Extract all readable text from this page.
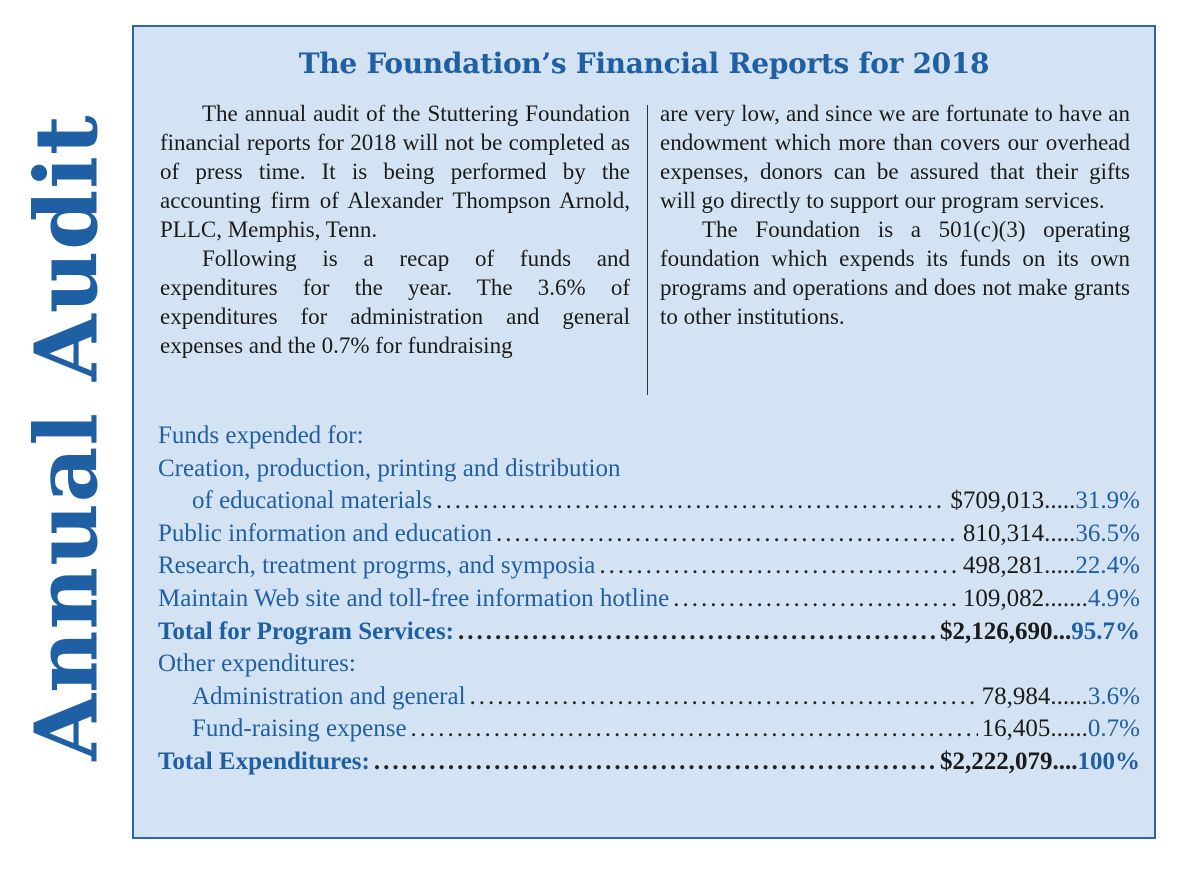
Annual Audit
The Foundation’s Financial Reports for 2018

The annual audit of the Stuttering Foundation financial reports for 2018 will not be completed as of press time. It is being performed by the accounting firm of Alexander Thompson Arnold, PLLC, Memphis, Tenn.

Following is a recap of funds and expenditures for the year. The 3.6% of expenditures for administration and general expenses and the 0.7% for fundraising

are very low, and since we are fortunate to have an endowment which more than covers our overhead expenses, donors can be assured that their gifts will go directly to support our program services.

The Foundation is a 501(c)(3) operating foundation which expends its funds on its own programs and operations and does not make grants to other institutions.

Funds expended for:
Creation, production, printing and distribution
of educational materials .....	$709,013 ..... 31.9%
Public information and education .....	810,314 ..... 36.5%
Research, treatment progrms, and symposia .....	498,281 ..... 22.4%
Maintain Web site and toll-free information hotline .....	109,082 ....... 4.9%
Total for Program Services: .....	$2,126,690 ... 95.7%
Other expenditures:
Administration and general .....	78,984 ...... 3.6%
Fund-raising expense .....	16,405 ...... 0.7%
Total Expenditures: .....	$2,222,079 .... 100%
